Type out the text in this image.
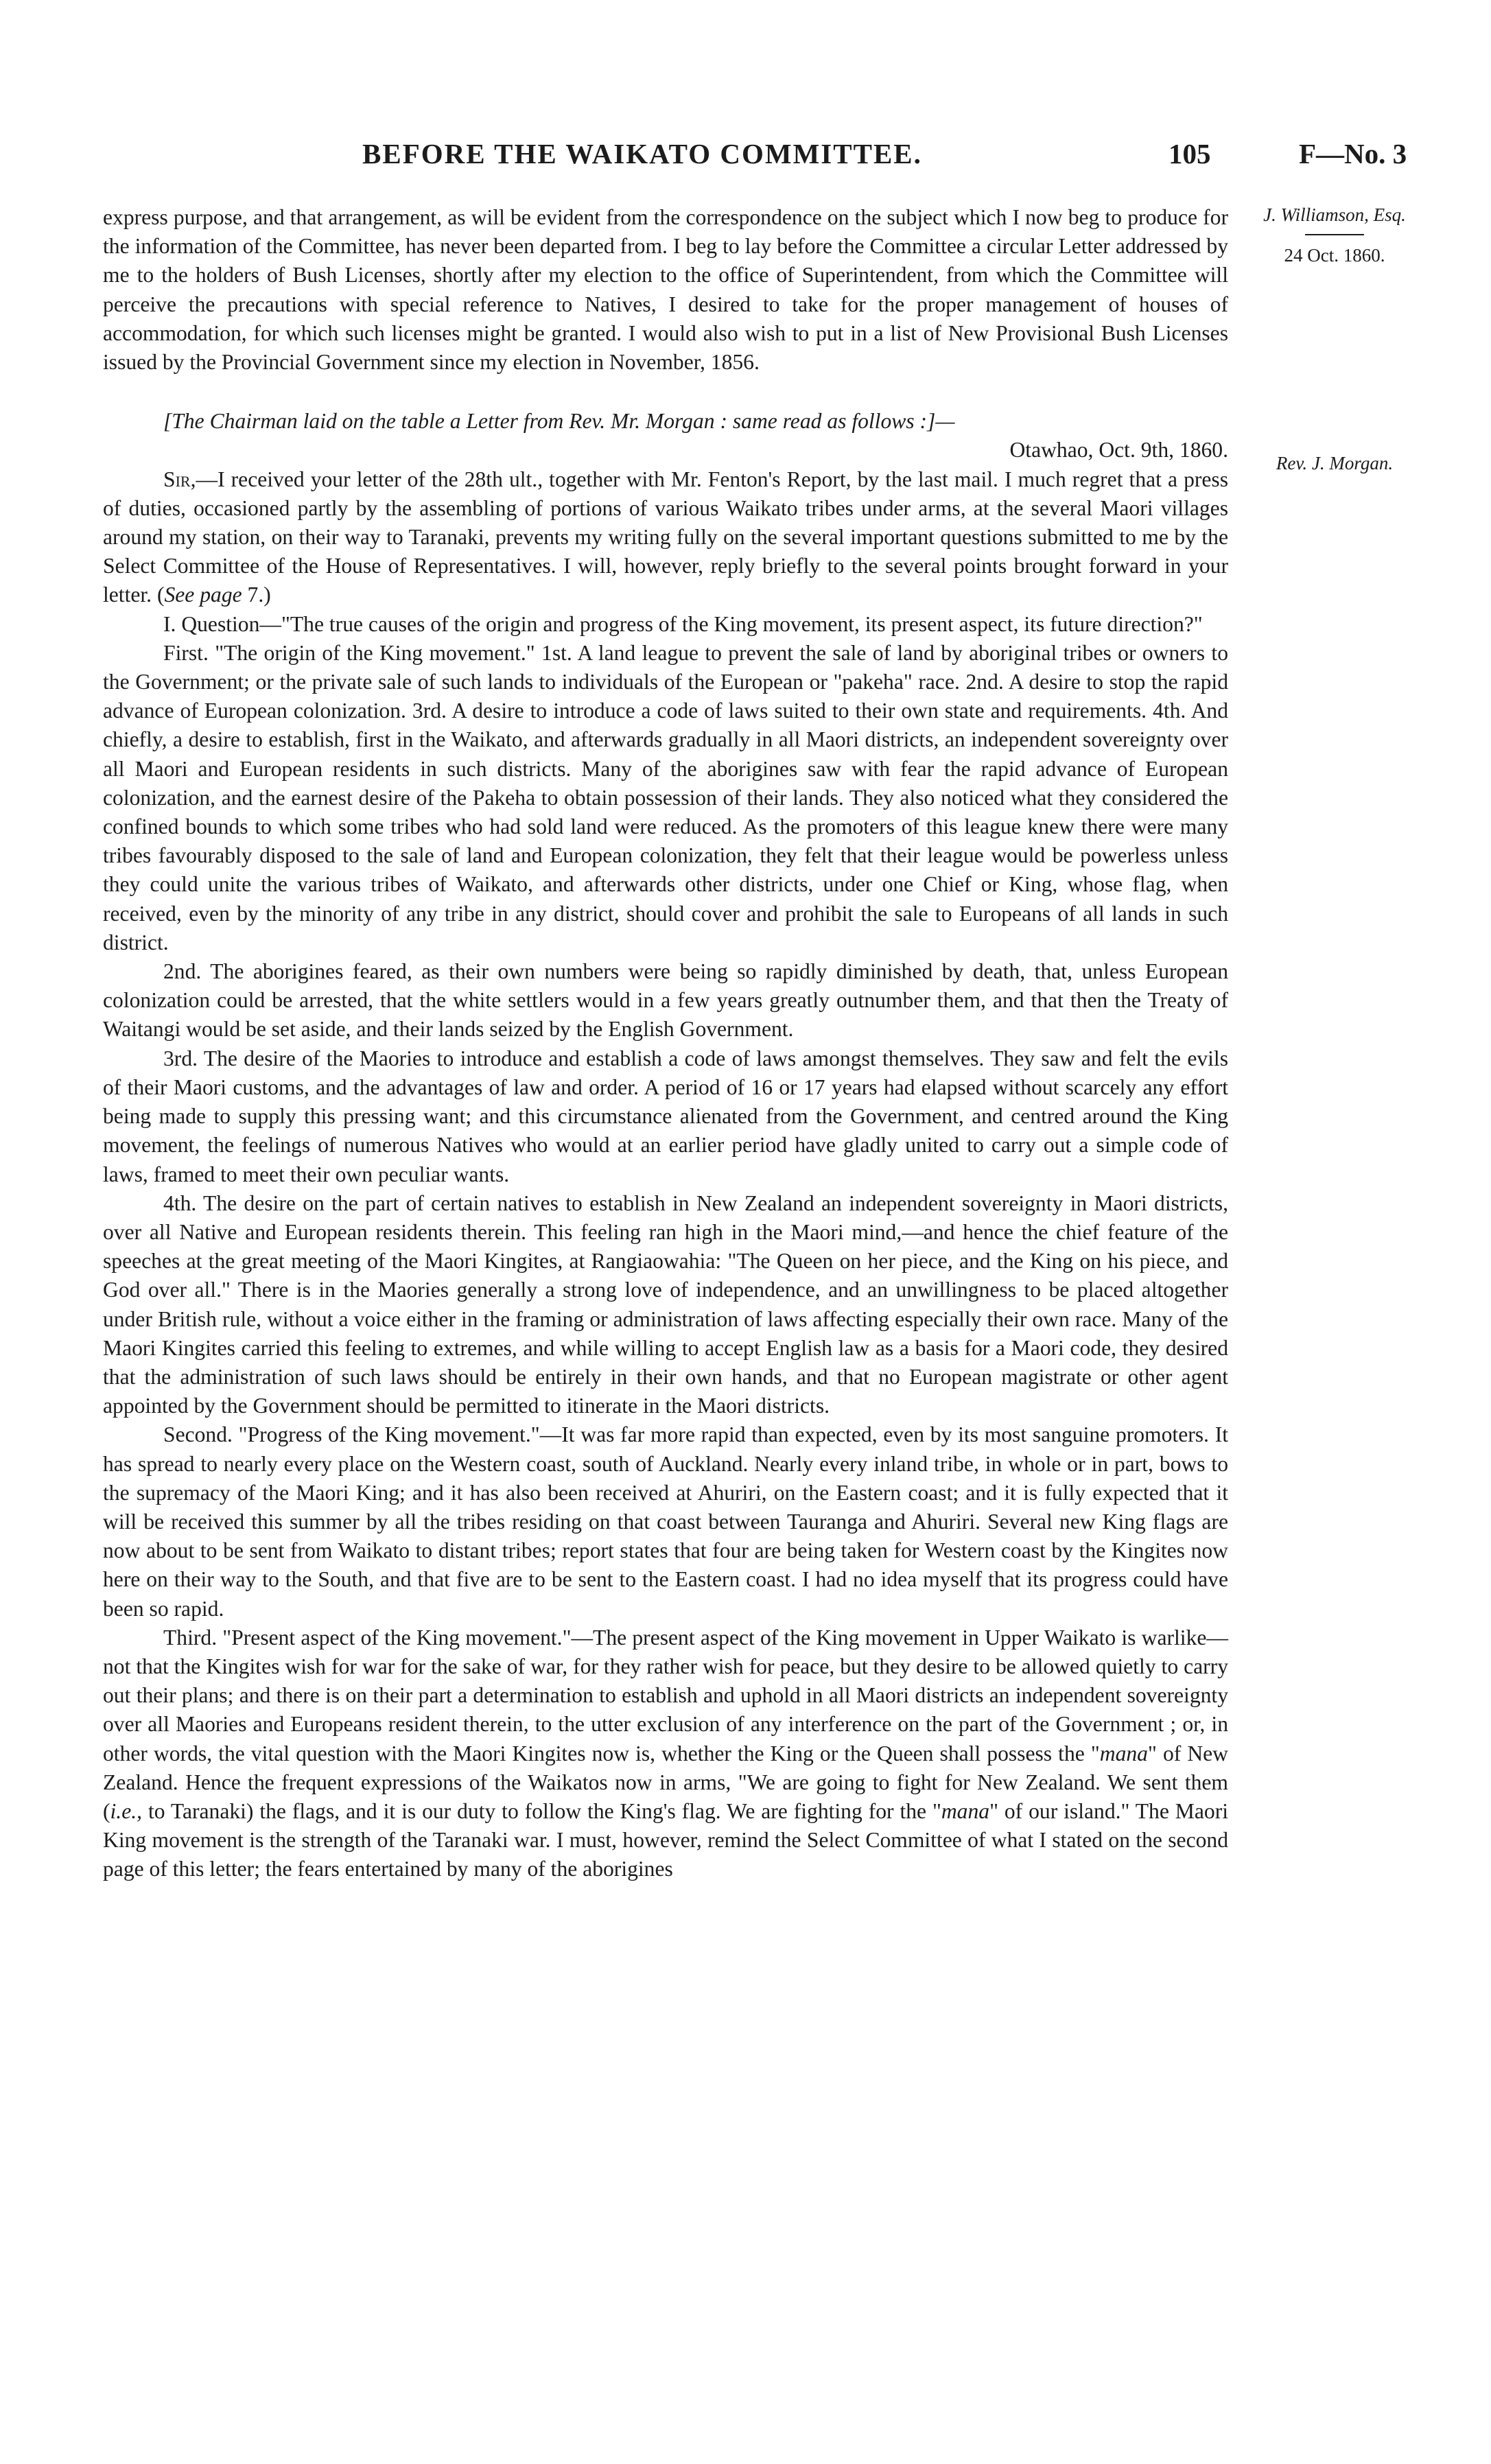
BEFORE THE WAIKATO COMMITTEE.	105	F—No. 3
J. Williamson, Esq.
24 Oct. 1860.
Rev. J. Morgan.

express purpose, and that arrangement, as will be evident from the correspondence on the subject which I now beg to produce for the information of the Committee, has never been departed from. I beg to lay before the Committee a circular Letter addressed by me to the holders of Bush Licenses, shortly after my election to the office of Superintendent, from which the Committee will perceive the precautions with special reference to Natives, I desired to take for the proper management of houses of accommodation, for which such licenses might be granted. I would also wish to put in a list of New Provisional Bush Licenses issued by the Provincial Government since my election in November, 1856.

[The Chairman laid on the table a Letter from Rev. Mr. Morgan : same read as follows :]—

Otawhao, Oct. 9th, 1860.

Sir,—I received your letter of the 28th ult., together with Mr. Fenton's Report, by the last mail. I much regret that a press of duties, occasioned partly by the assembling of portions of various Waikato tribes under arms, at the several Maori villages around my station, on their way to Taranaki, prevents my writing fully on the several important questions submitted to me by the Select Committee of the House of Representatives. I will, however, reply briefly to the several points brought forward in your letter. (See page 7.)

I. Question—"The true causes of the origin and progress of the King movement, its present aspect, its future direction?"

First. "The origin of the King movement." 1st. A land league to prevent the sale of land by aboriginal tribes or owners to the Government; or the private sale of such lands to individuals of the European or "pakeha" race. 2nd. A desire to stop the rapid advance of European colonization. 3rd. A desire to introduce a code of laws suited to their own state and requirements. 4th. And chiefly, a desire to establish, first in the Waikato, and afterwards gradually in all Maori districts, an independent sovereignty over all Maori and European residents in such districts. Many of the aborigines saw with fear the rapid advance of European colonization, and the earnest desire of the Pakeha to obtain possession of their lands. They also noticed what they considered the confined bounds to which some tribes who had sold land were reduced. As the promoters of this league knew there were many tribes favourably disposed to the sale of land and European colonization, they felt that their league would be powerless unless they could unite the various tribes of Waikato, and afterwards other districts, under one Chief or King, whose flag, when received, even by the minority of any tribe in any district, should cover and prohibit the sale to Europeans of all lands in such district.

2nd. The aborigines feared, as their own numbers were being so rapidly diminished by death, that, unless European colonization could be arrested, that the white settlers would in a few years greatly outnumber them, and that then the Treaty of Waitangi would be set aside, and their lands seized by the English Government.

3rd. The desire of the Maories to introduce and establish a code of laws amongst themselves. They saw and felt the evils of their Maori customs, and the advantages of law and order. A period of 16 or 17 years had elapsed without scarcely any effort being made to supply this pressing want; and this circumstance alienated from the Government, and centred around the King movement, the feelings of numerous Natives who would at an earlier period have gladly united to carry out a simple code of laws, framed to meet their own peculiar wants.

4th. The desire on the part of certain natives to establish in New Zealand an independent sovereignty in Maori districts, over all Native and European residents therein. This feeling ran high in the Maori mind,—and hence the chief feature of the speeches at the great meeting of the Maori Kingites, at Rangiaowahia: "The Queen on her piece, and the King on his piece, and God over all." There is in the Maories generally a strong love of independence, and an unwillingness to be placed altogether under British rule, without a voice either in the framing or administration of laws affecting especially their own race. Many of the Maori Kingites carried this feeling to extremes, and while willing to accept English law as a basis for a Maori code, they desired that the administration of such laws should be entirely in their own hands, and that no European magistrate or other agent appointed by the Government should be permitted to itinerate in the Maori districts.

Second. "Progress of the King movement."—It was far more rapid than expected, even by its most sanguine promoters. It has spread to nearly every place on the Western coast, south of Auckland. Nearly every inland tribe, in whole or in part, bows to the supremacy of the Maori King; and it has also been received at Ahuriri, on the Eastern coast; and it is fully expected that it will be received this summer by all the tribes residing on that coast between Tauranga and Ahuriri. Several new King flags are now about to be sent from Waikato to distant tribes; report states that four are being taken for Western coast by the Kingites now here on their way to the South, and that five are to be sent to the Eastern coast. I had no idea myself that its progress could have been so rapid.

Third. "Present aspect of the King movement."—The present aspect of the King movement in Upper Waikato is warlike—not that the Kingites wish for war for the sake of war, for they rather wish for peace, but they desire to be allowed quietly to carry out their plans; and there is on their part a determination to establish and uphold in all Maori districts an independent sovereignty over all Maories and Europeans resident therein, to the utter exclusion of any interference on the part of the Government ; or, in other words, the vital question with the Maori Kingites now is, whether the King or the Queen shall possess the "mana" of New Zealand. Hence the frequent expressions of the Waikatos now in arms, "We are going to fight for New Zealand. We sent them (i.e., to Taranaki) the flags, and it is our duty to follow the King's flag. We are fighting for the "mana" of our island." The Maori King movement is the strength of the Taranaki war. I must, however, remind the Select Committee of what I stated on the second page of this letter; the fears entertained by many of the aborigines
